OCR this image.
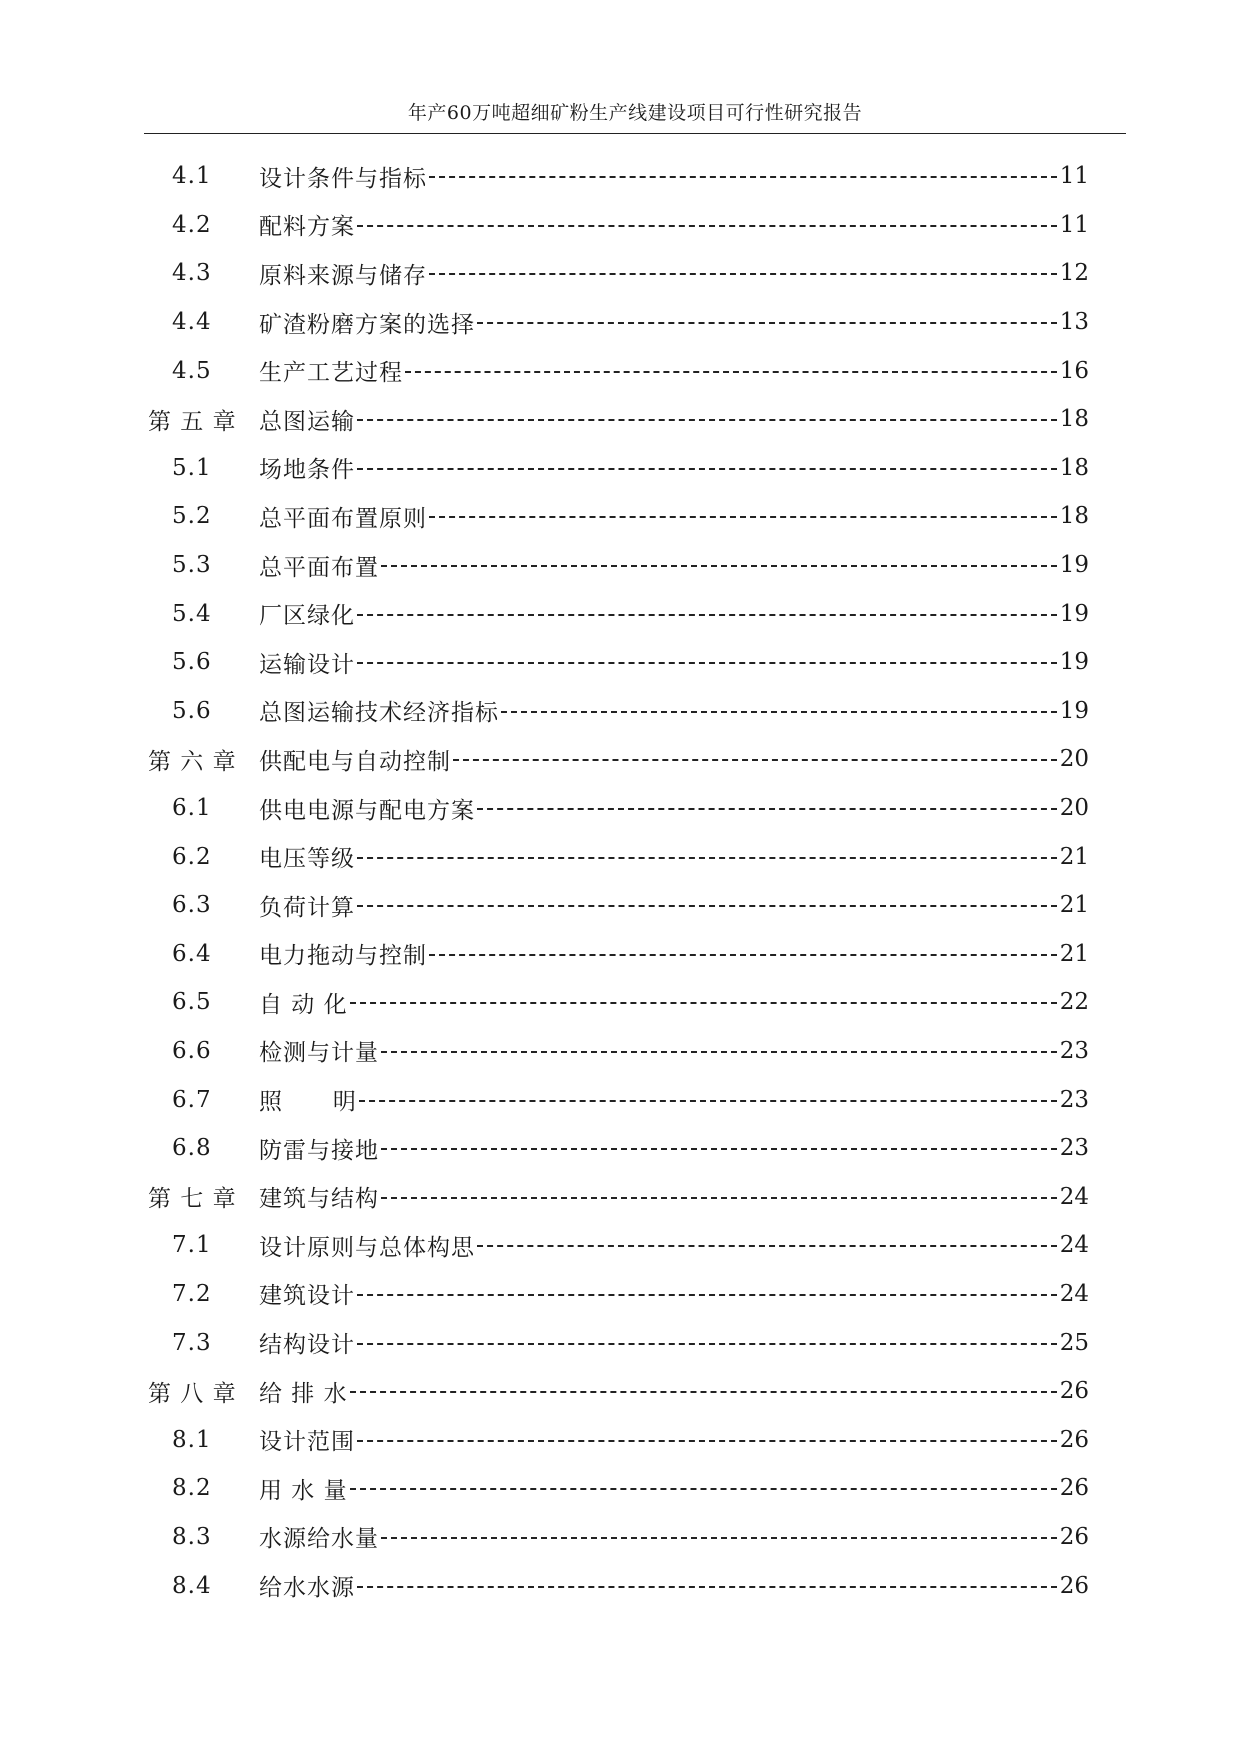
年产60万吨超细矿粉生产线建设项目可行性研究报告
4.1	设计条件与指标	11
4.2	配料方案	11
4.3	原料来源与储存	12
4.4	矿渣粉磨方案的选择	13
4.5	生产工艺过程	16
第 五 章 总图运输	18
5.1	场地条件	18
5.2	总平面布置原则	18
5.3	总平面布置	19
5.4	厂区绿化	19
5.6	运输设计	19
5.6	总图运输技术经济指标	19
第 六 章 供配电与自动控制	20
6.1	供电电源与配电方案	20
6.2	电压等级	21
6.3	负荷计算	21
6.4	电力拖动与控制	21
6.5	自 动 化	22
6.6	检测与计量	23
6.7	照      明	23
6.8	防雷与接地	23
第 七 章 建筑与结构	24
7.1	设计原则与总体构思	24
7.2	建筑设计	24
7.3	结构设计	25
第 八 章 给 排 水	26
8.1	设计范围	26
8.2	用 水 量	26
8.3	水源给水量	26
8.4	给水水源	26
